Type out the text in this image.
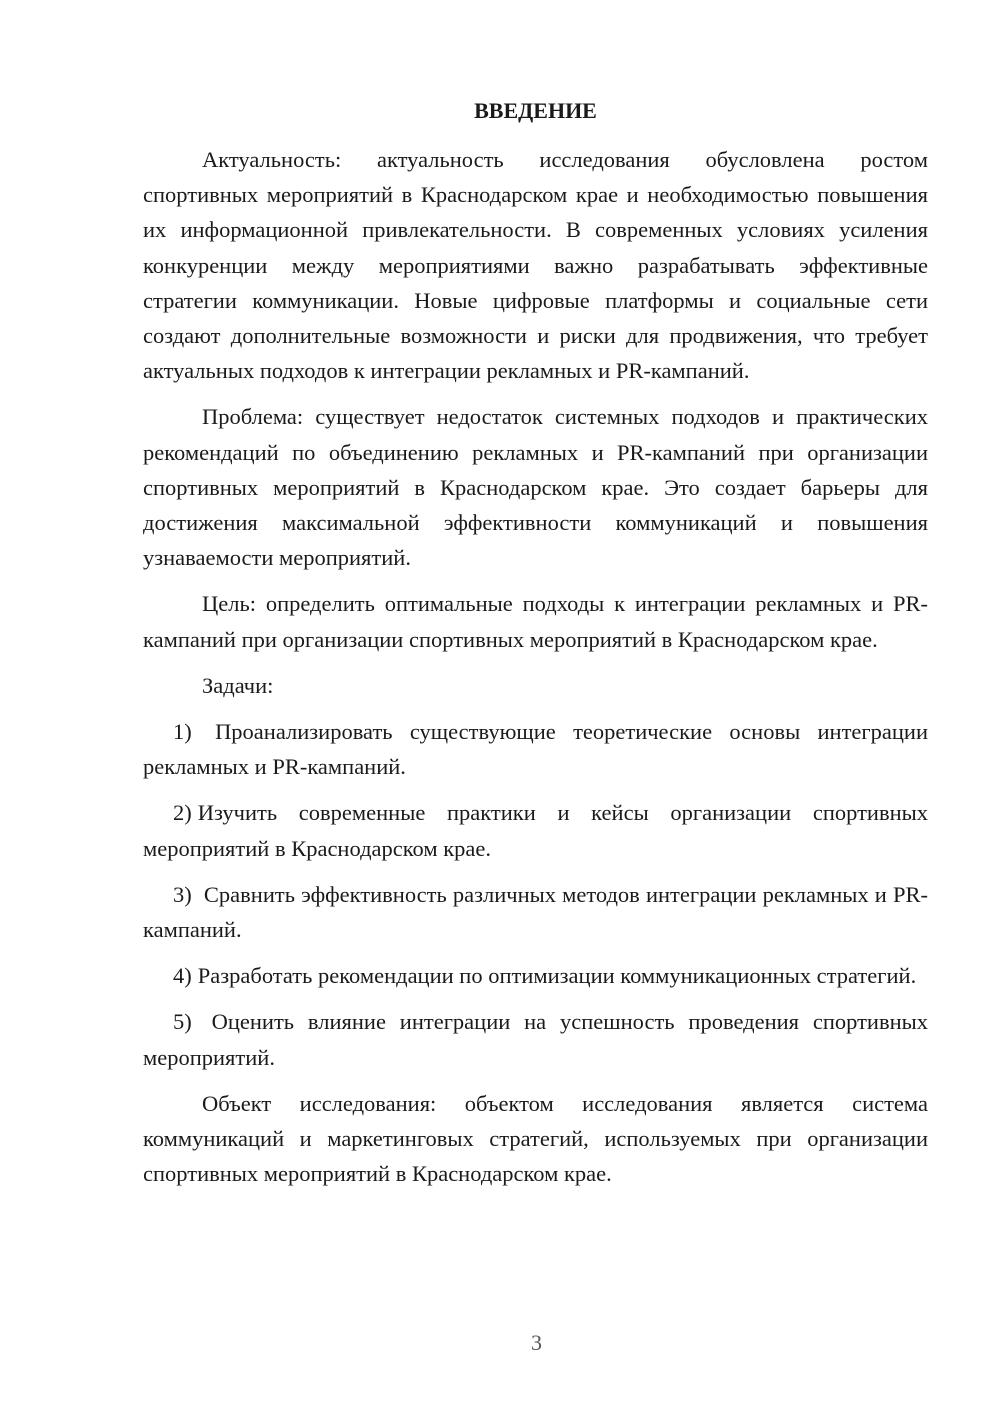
ВВЕДЕНИЕ

Актуальность: актуальность исследования обусловлена ростом спортивных мероприятий в Краснодарском крае и необходимостью повышения их информационной привлекательности. В современных условиях усиления конкуренции между мероприятиями важно разрабатывать эффективные стратегии коммуникации. Новые цифровые платформы и социальные сети создают дополнительные возможности и риски для продвижения, что требует актуальных подходов к интеграции рекламных и PR-кампаний.

Проблема: существует недостаток системных подходов и практических рекомендаций по объединению рекламных и PR-кампаний при организации спортивных мероприятий в Краснодарском крае. Это создает барьеры для достижения максимальной эффективности коммуникаций и повышения узнаваемости мероприятий.

Цель: определить оптимальные подходы к интеграции рекламных и PR-кампаний при организации спортивных мероприятий в Краснодарском крае.

Задачи:

1) Проанализировать существующие теоретические основы интеграции рекламных и PR-кампаний.

2) Изучить современные практики и кейсы организации спортивных мероприятий в Краснодарском крае.

3) Сравнить эффективность различных методов интеграции рекламных и PR-кампаний.

4) Разработать рекомендации по оптимизации коммуникационных стратегий.

5) Оценить влияние интеграции на успешность проведения спортивных мероприятий.

Объект исследования: объектом исследования является система коммуникаций и маркетинговых стратегий, используемых при организации спортивных мероприятий в Краснодарском крае.

3
